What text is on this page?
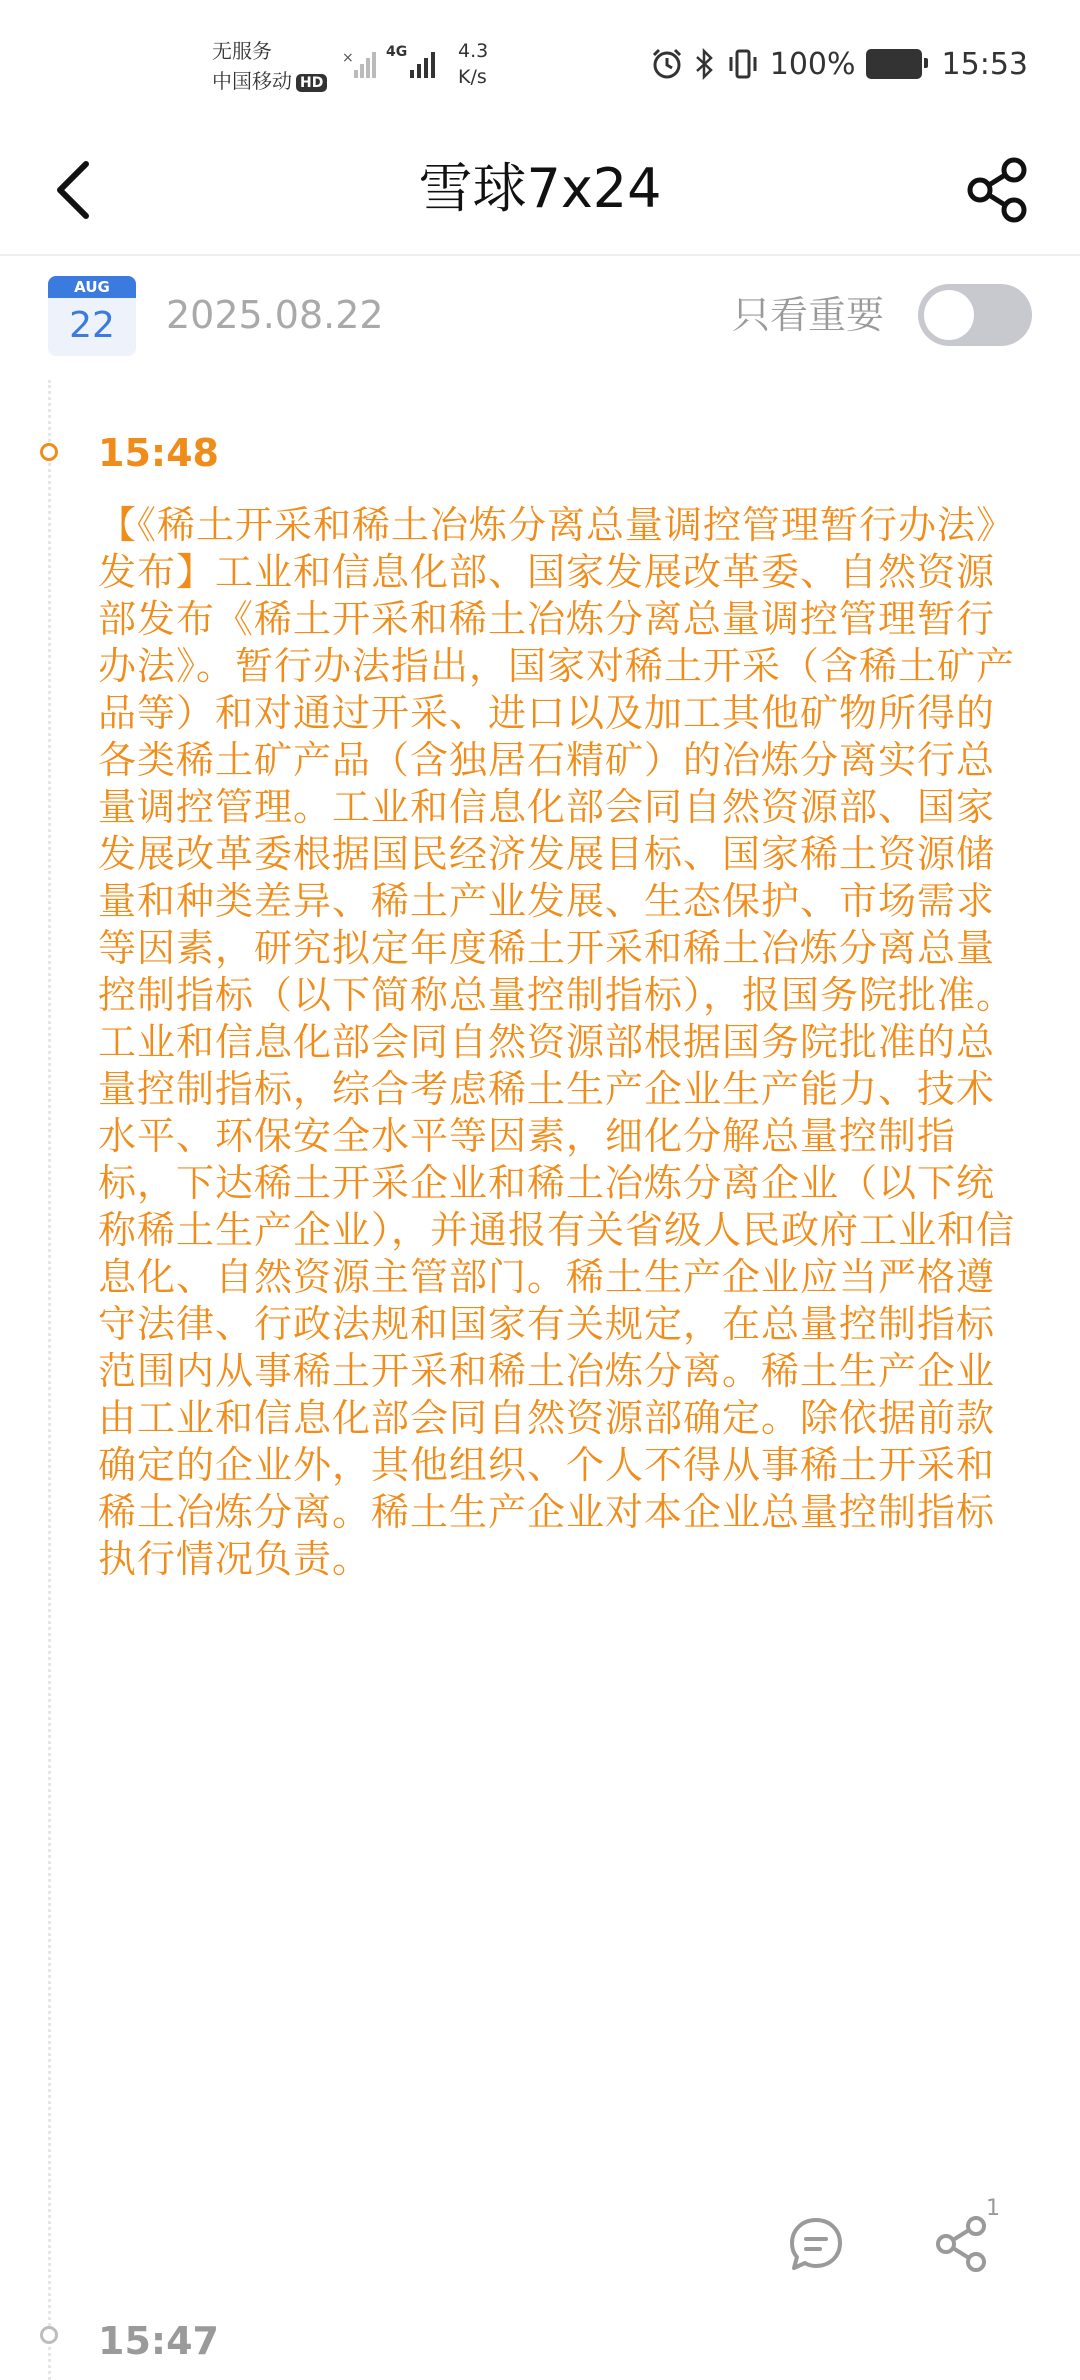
无服务
中国移动 HD
× 4G	4.3
K/s	100%	15:53
雪球7x24
AUG
22	2025.08.22	只看重要
15:48
【《稀土开采和稀土冶炼分离总量调控管理暂行办法》发布】工业和信息化部、国家发展改革委、自然资源部发布《稀土开采和稀土冶炼分离总量调控管理暂行办法》。暂行办法指出，国家对稀土开采（含稀土矿产品等）和对通过开采、进口以及加工其他矿物所得的各类稀土矿产品（含独居石精矿）的冶炼分离实行总量调控管理。工业和信息化部会同自然资源部、国家发展改革委根据国民经济发展目标、国家稀土资源储量和种类差异、稀土产业发展、生态保护、市场需求等因素，研究拟定年度稀土开采和稀土冶炼分离总量控制指标（以下简称总量控制指标），报国务院批准。工业和信息化部会同自然资源部根据国务院批准的总量控制指标，综合考虑稀土生产企业生产能力、技术水平、环保安全水平等因素，细化分解总量控制指标，下达稀土开采企业和稀土冶炼分离企业（以下统称稀土生产企业），并通报有关省级人民政府工业和信息化、自然资源主管部门。稀土生产企业应当严格遵守法律、行政法规和国家有关规定，在总量控制指标范围内从事稀土开采和稀土冶炼分离。稀土生产企业由工业和信息化部会同自然资源部确定。除依据前款确定的企业外，其他组织、个人不得从事稀土开采和稀土冶炼分离。稀土生产企业对本企业总量控制指标执行情况负责。
1
15:47
